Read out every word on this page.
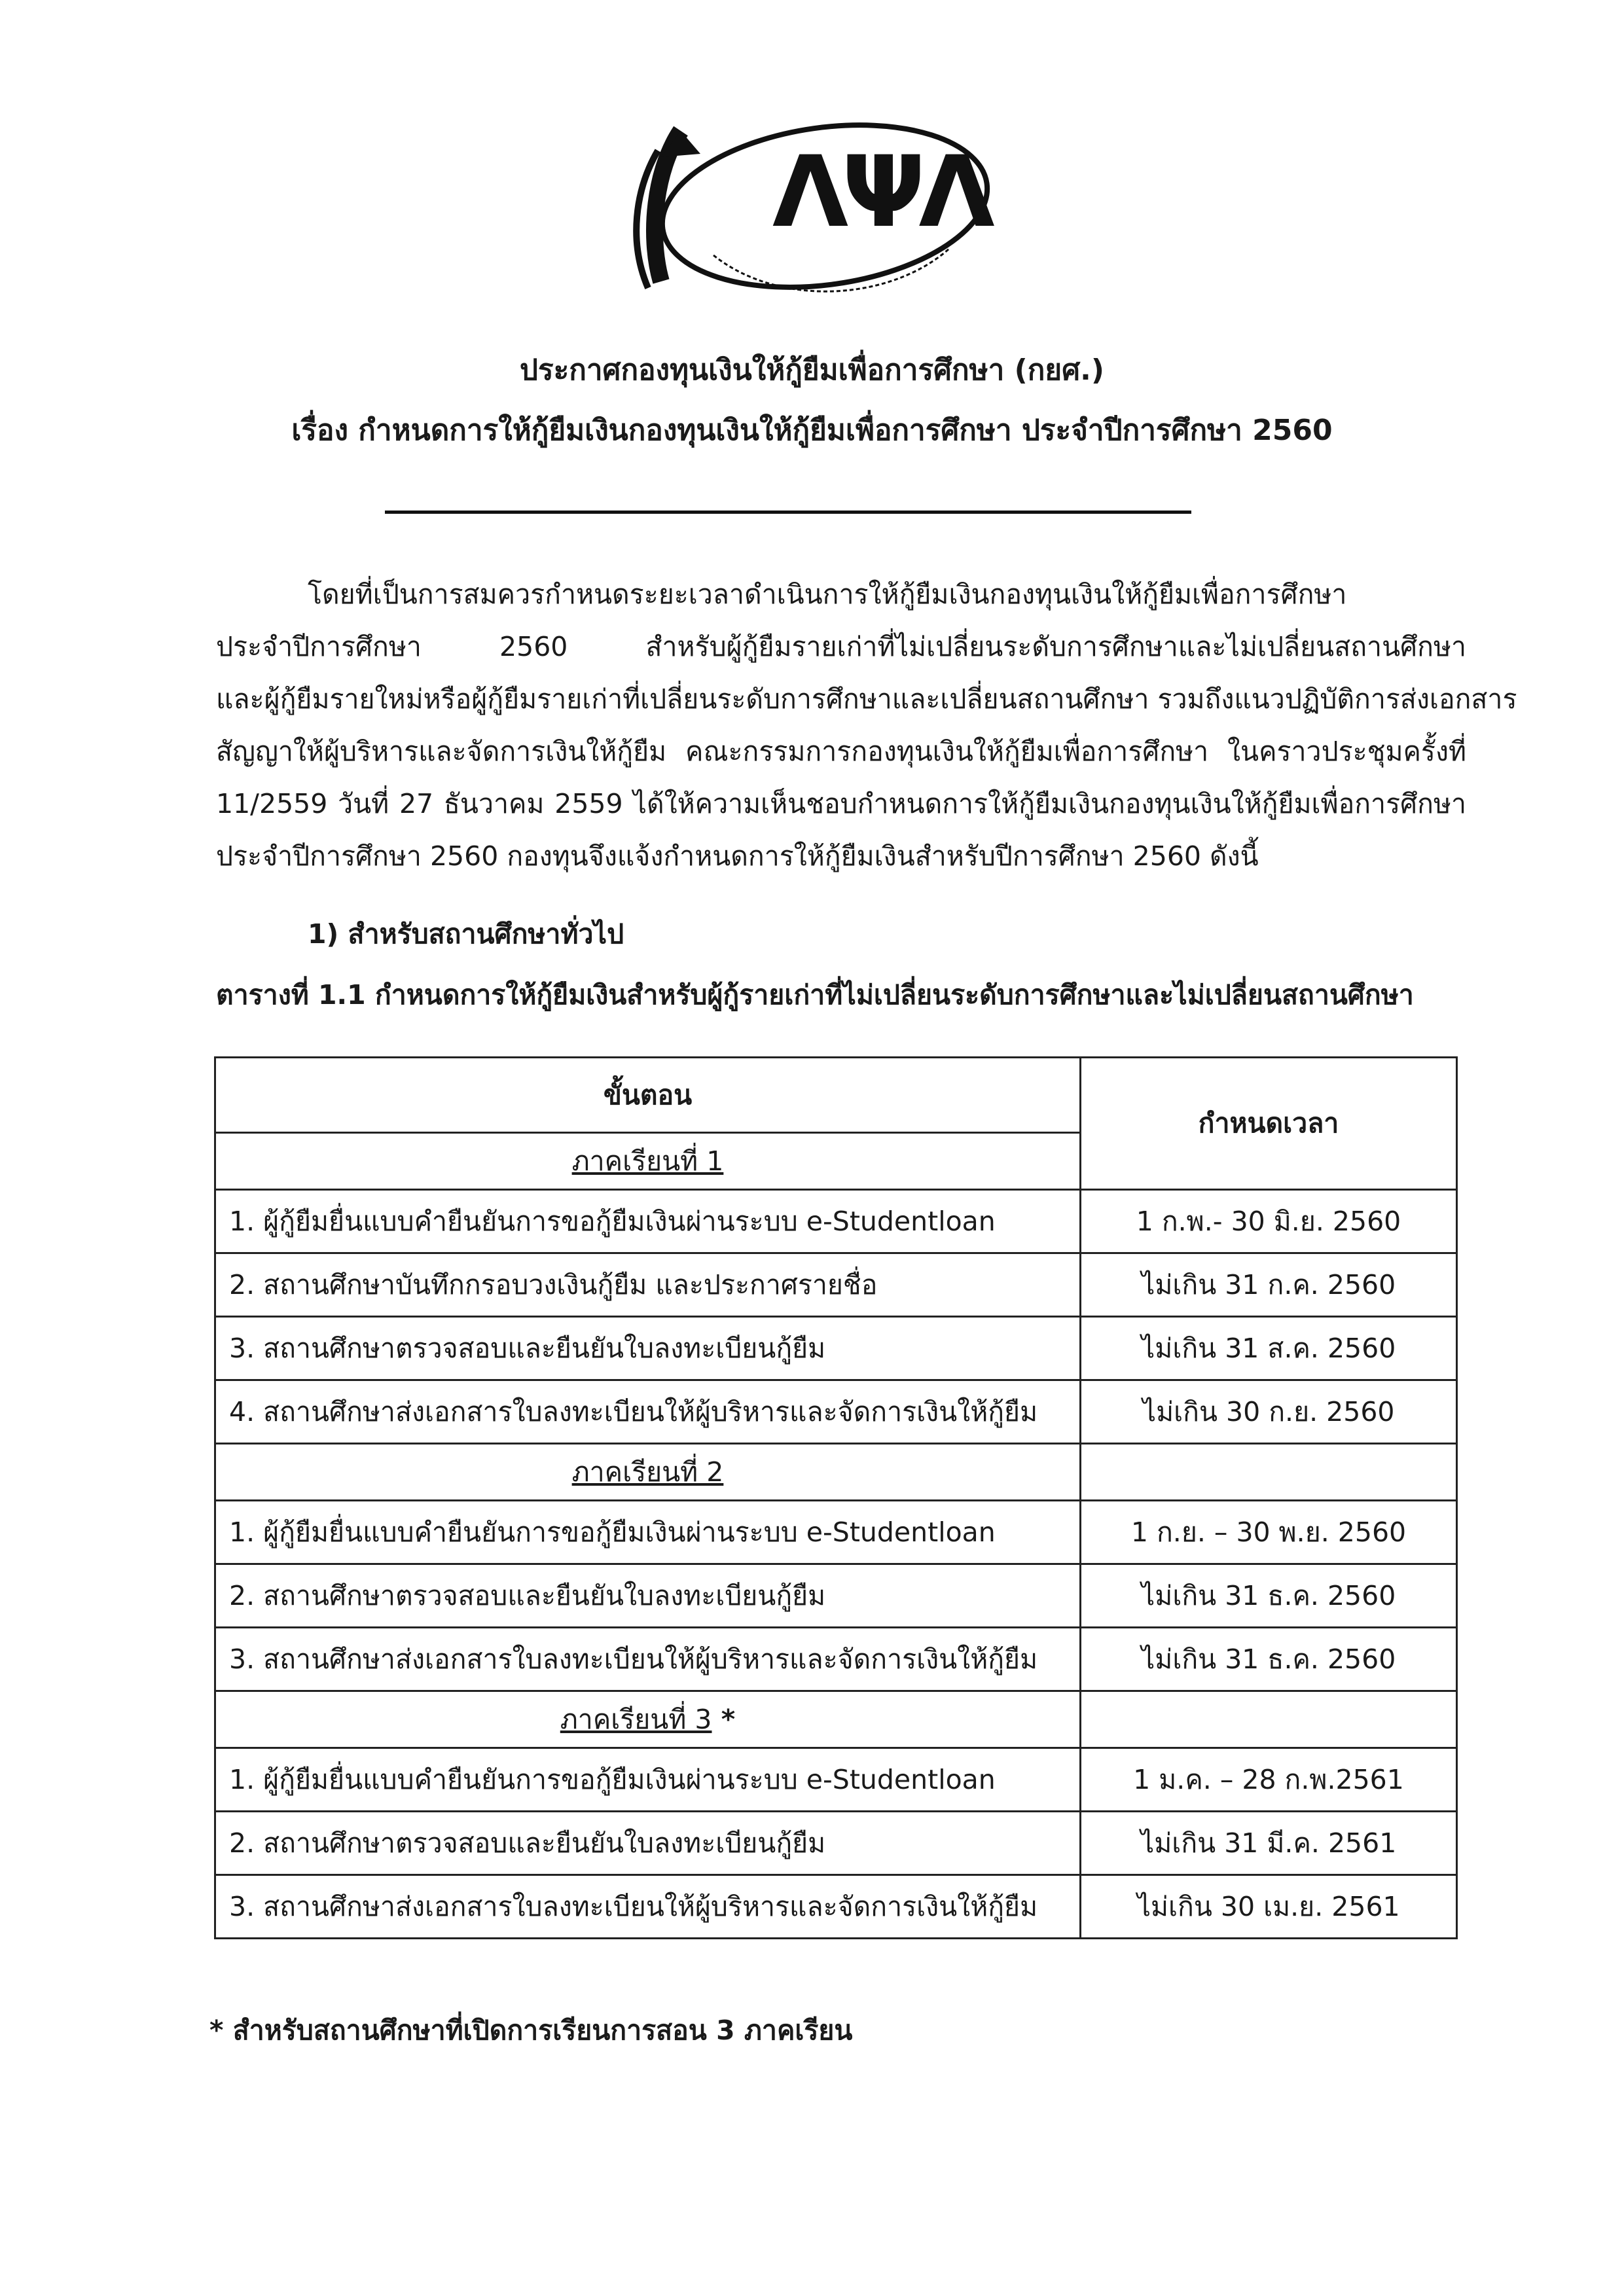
ΛΨΛ
ประกาศกองทุนเงินให้กู้ยืมเพื่อการศึกษา (กยศ.)
เรื่อง กำหนดการให้กู้ยืมเงินกองทุนเงินให้กู้ยืมเพื่อการศึกษา ประจำปีการศึกษา 2560
โดยที่เป็นการสมควรกำหนดระยะเวลาดำเนินการให้กู้ยืมเงินกองทุนเงินให้กู้ยืมเพื่อการศึกษา
ประจำปีการศึกษา 2560 สำหรับผู้กู้ยืมรายเก่าที่ไม่เปลี่ยนระดับการศึกษาและไม่เปลี่ยนสถานศึกษา
และผู้กู้ยืมรายใหม่หรือผู้กู้ยืมรายเก่าที่เปลี่ยนระดับการศึกษาและเปลี่ยนสถานศึกษา รวมถึงแนวปฏิบัติการส่งเอกสาร
สัญญาให้ผู้บริหารและจัดการเงินให้กู้ยืม คณะกรรมการกองทุนเงินให้กู้ยืมเพื่อการศึกษา ในคราวประชุมครั้งที่
11/2559 วันที่ 27 ธันวาคม 2559 ได้ให้ความเห็นชอบกำหนดการให้กู้ยืมเงินกองทุนเงินให้กู้ยืมเพื่อการศึกษา
ประจำปีการศึกษา 2560 กองทุนจึงแจ้งกำหนดการให้กู้ยืมเงินสำหรับปีการศึกษา 2560 ดังนี้

1) สำหรับสถานศึกษาทั่วไป

ตารางที่ 1.1 กำหนดการให้กู้ยืมเงินสำหรับผู้กู้รายเก่าที่ไม่เปลี่ยนระดับการศึกษาและไม่เปลี่ยนสถานศึกษา

ขั้นตอน	กำหนดเวลา
ภาคเรียนที่ 1	
1. ผู้กู้ยืมยื่นแบบคำยืนยันการขอกู้ยืมเงินผ่านระบบ e-Studentloan	1 ก.พ.- 30 มิ.ย. 2560
2. สถานศึกษาบันทึกกรอบวงเงินกู้ยืม และประกาศรายชื่อ	ไม่เกิน 31 ก.ค. 2560
3. สถานศึกษาตรวจสอบและยืนยันใบลงทะเบียนกู้ยืม	ไม่เกิน 31 ส.ค. 2560
4. สถานศึกษาส่งเอกสารใบลงทะเบียนให้ผู้บริหารและจัดการเงินให้กู้ยืม	ไม่เกิน 30 ก.ย. 2560
ภาคเรียนที่ 2	
1. ผู้กู้ยืมยื่นแบบคำยืนยันการขอกู้ยืมเงินผ่านระบบ e-Studentloan	1 ก.ย. – 30 พ.ย. 2560
2. สถานศึกษาตรวจสอบและยืนยันใบลงทะเบียนกู้ยืม	ไม่เกิน 31 ธ.ค. 2560
3. สถานศึกษาส่งเอกสารใบลงทะเบียนให้ผู้บริหารและจัดการเงินให้กู้ยืม	ไม่เกิน 31 ธ.ค. 2560
ภาคเรียนที่ 3 *	
1. ผู้กู้ยืมยื่นแบบคำยืนยันการขอกู้ยืมเงินผ่านระบบ e-Studentloan	1 ม.ค. – 28 ก.พ.2561
2. สถานศึกษาตรวจสอบและยืนยันใบลงทะเบียนกู้ยืม	ไม่เกิน 31 มี.ค. 2561
3. สถานศึกษาส่งเอกสารใบลงทะเบียนให้ผู้บริหารและจัดการเงินให้กู้ยืม	ไม่เกิน 30 เม.ย. 2561

* สำหรับสถานศึกษาที่เปิดการเรียนการสอน 3 ภาคเรียน
